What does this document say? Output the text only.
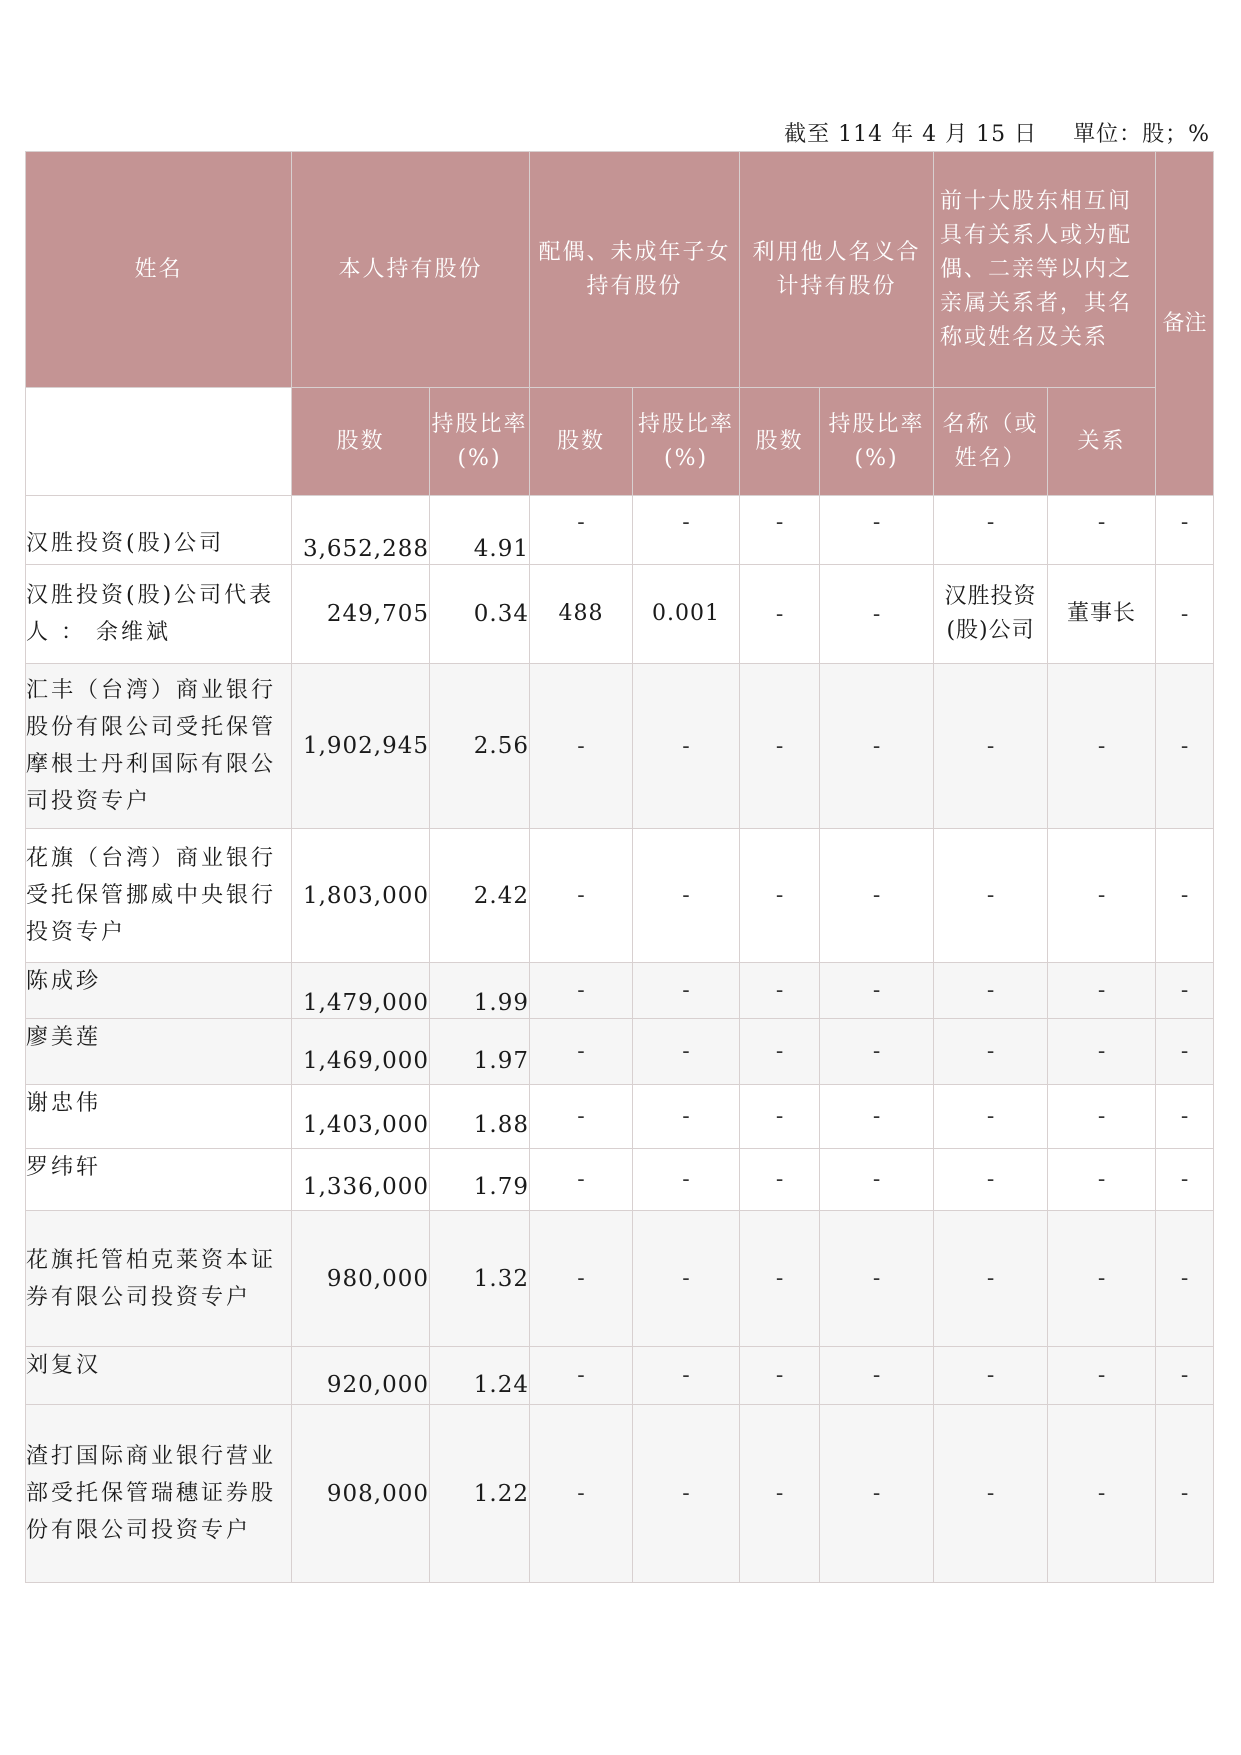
截至 114 年 4 月 15 日 單位：股；%
姓名	本人持有股份		配偶、未成年子女持有股份		利用他人名义合计持有股份		前十大股东相互间具有关系人或为配偶、二亲等以内之亲属关系者，其名称或姓名及关系		备注
	股数	持股比率(%)	股数	持股比率(%)	股数	持股比率(%)	名称（或姓名）	关系	
汉胜投资(股)公司	3,652,288	4.91	-	-	-	-	-	-	-
汉胜投资(股)公司代表人 ： 余维斌	249,705	0.34	488	0.001	-	-	汉胜投资(股)公司	董事长	-
汇丰（台湾）商业银行股份有限公司受托保管摩根士丹利国际有限公司投资专户	1,902,945	2.56	-	-	-	-	-	-	-
花旗（台湾）商业银行受托保管挪威中央银行投资专户	1,803,000	2.42	-	-	-	-	-	-	-
陈成珍	1,479,000	1.99	-	-	-	-	-	-	-
廖美莲	1,469,000	1.97	-	-	-	-	-	-	-
谢忠伟	1,403,000	1.88	-	-	-	-	-	-	-
罗纬轩	1,336,000	1.79	-	-	-	-	-	-	-
花旗托管柏克莱资本证券有限公司投资专户	980,000	1.32	-	-	-	-	-	-	-
刘复汉	920,000	1.24	-	-	-	-	-	-	-
渣打国际商业银行营业部受托保管瑞穗证券股份有限公司投资专户	908,000	1.22	-	-	-	-	-	-	-
